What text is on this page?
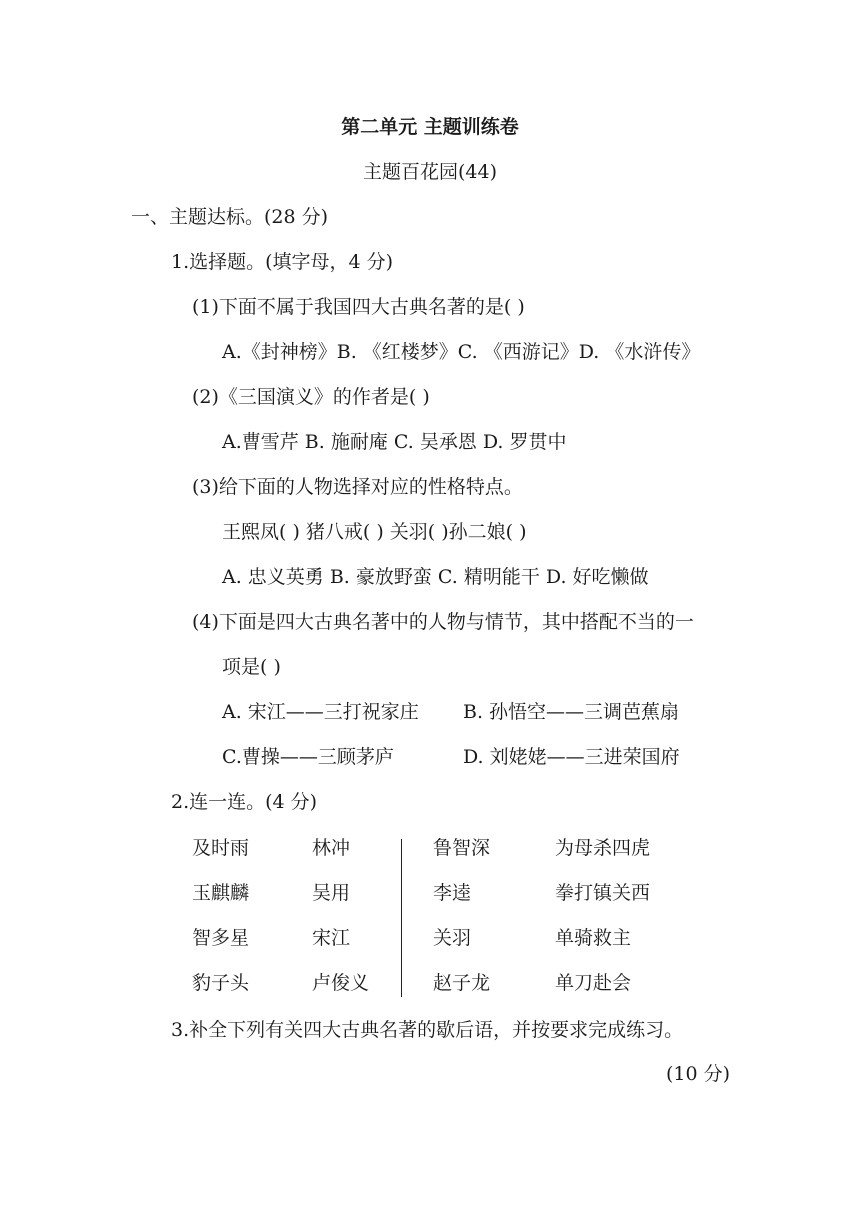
第二单元 主题训练卷
主题百花园(44)
一、主题达标。(28 分)
1.选择题。(填字母，4 分)
(1)下面不属于我国四大古典名著的是( )
A.《封神榜》B. 《红楼梦》C. 《西游记》D. 《水浒传》
(2)《三国演义》的作者是( )
A.曹雪芹 B. 施耐庵 C. 吴承恩 D. 罗贯中
(3)给下面的人物选择对应的性格特点。
王熙凤( ) 猪八戒( ) 关羽( )孙二娘( )
A. 忠义英勇 B. 豪放野蛮 C. 精明能干 D. 好吃懒做
(4)下面是四大古典名著中的人物与情节，其中搭配不当的一
项是( )
A. 宋江——三打祝家庄 B. 孙悟空——三调芭蕉扇
C.曹操——三顾茅庐	D. 刘姥姥——三进荣国府
2.连一连。(4 分)
及时雨
玉麒麟
智多星
豹子头
林冲
吴用
宋江
卢俊义
鲁智深
李逵
关羽
赵子龙
为母杀四虎
拳打镇关西
单骑救主
单刀赴会
3.补全下列有关四大古典名著的歇后语，并按要求完成练习。
(10 分)
